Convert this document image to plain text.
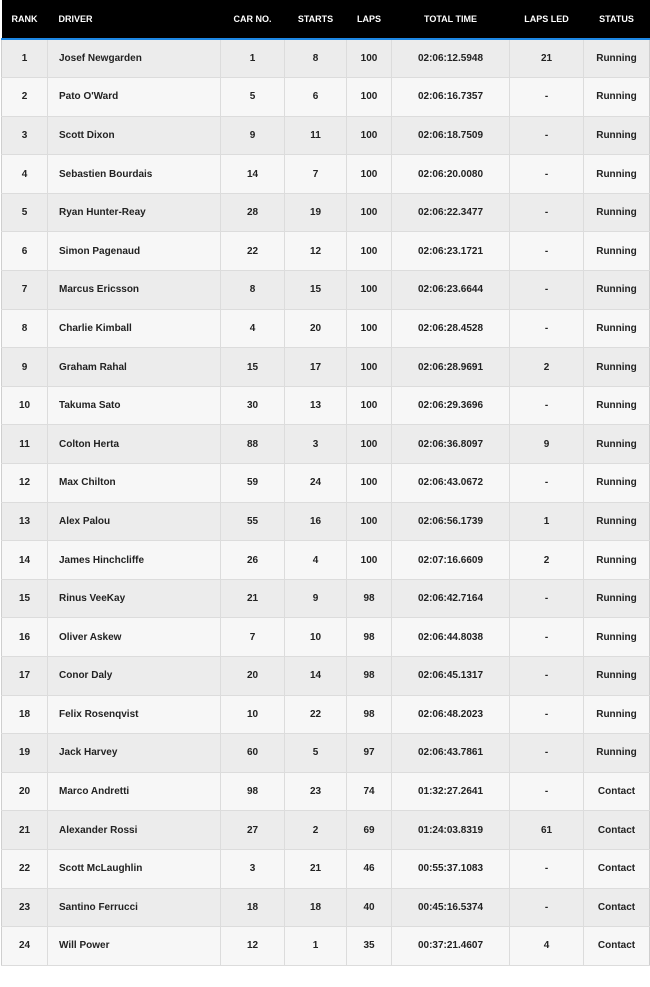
RANK	DRIVER	CAR NO.	STARTS	LAPS	TOTAL TIME	LAPS LED	STATUS
1	Josef Newgarden	1	8	100	02:06:12.5948	21	Running
2	Pato O'Ward	5	6	100	02:06:16.7357	-	Running
3	Scott Dixon	9	11	100	02:06:18.7509	-	Running
4	Sebastien Bourdais	14	7	100	02:06:20.0080	-	Running
5	Ryan Hunter-Reay	28	19	100	02:06:22.3477	-	Running
6	Simon Pagenaud	22	12	100	02:06:23.1721	-	Running
7	Marcus Ericsson	8	15	100	02:06:23.6644	-	Running
8	Charlie Kimball	4	20	100	02:06:28.4528	-	Running
9	Graham Rahal	15	17	100	02:06:28.9691	2	Running
10	Takuma Sato	30	13	100	02:06:29.3696	-	Running
11	Colton Herta	88	3	100	02:06:36.8097	9	Running
12	Max Chilton	59	24	100	02:06:43.0672	-	Running
13	Alex Palou	55	16	100	02:06:56.1739	1	Running
14	James Hinchcliffe	26	4	100	02:07:16.6609	2	Running
15	Rinus VeeKay	21	9	98	02:06:42.7164	-	Running
16	Oliver Askew	7	10	98	02:06:44.8038	-	Running
17	Conor Daly	20	14	98	02:06:45.1317	-	Running
18	Felix Rosenqvist	10	22	98	02:06:48.2023	-	Running
19	Jack Harvey	60	5	97	02:06:43.7861	-	Running
20	Marco Andretti	98	23	74	01:32:27.2641	-	Contact
21	Alexander Rossi	27	2	69	01:24:03.8319	61	Contact
22	Scott McLaughlin	3	21	46	00:55:37.1083	-	Contact
23	Santino Ferrucci	18	18	40	00:45:16.5374	-	Contact
24	Will Power	12	1	35	00:37:21.4607	4	Contact
